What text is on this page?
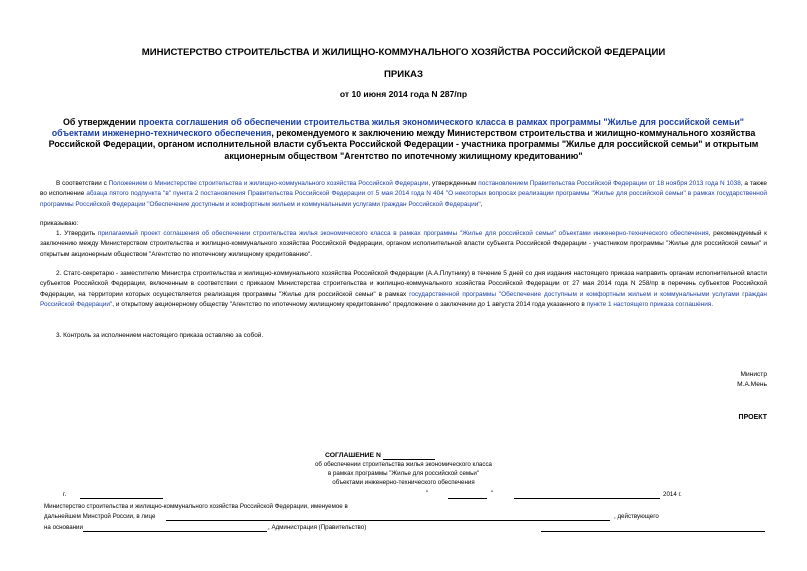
МИНИСТЕРСТВО СТРОИТЕЛЬСТВА И ЖИЛИЩНО-КОММУНАЛЬНОГО ХОЗЯЙСТВА РОССИЙСКОЙ ФЕДЕРАЦИИ
ПРИКАЗ
от 10 июня 2014 года N 287/пр
Об утверждении проекта соглашения об обеспечении строительства жилья экономического класса в рамках программы "Жилье для российской семьи" объектами инженерно-технического обеспечения, рекомендуемого к заключению между Министерством строительства и жилищно-коммунального хозяйства Российской Федерации, органом исполнительной власти субъекта Российской Федерации - участника программы "Жилье для российской семьи" и открытым акционерным обществом "Агентство по ипотечному жилищному кредитованию"
В соответствии с Положением о Министерстве строительства и жилищно-коммунального хозяйства Российской Федерации, утвержденным постановлением Правительства Российской Федерации от 18 ноября 2013 года N 1038, а также во исполнение абзаца пятого подпункта "в" пункта 2 постановления Правительства Российской Федерации от 5 мая 2014 года N 404 "О некоторых вопросах реализации программы "Жилье для российской семьи" в рамках государственной программы Российской Федерации "Обеспечение доступным и комфортным жильем и коммунальными услугами граждан Российской Федерации",
приказываю:
1. Утвердить прилагаемый проект соглашения об обеспечении строительства жилья экономического класса в рамках программы "Жилье для российской семьи" объектами инженерно-технического обеспечения, рекомендуемый к заключению между Министерством строительства и жилищно-коммунального хозяйства Российской Федерации, органом исполнительной власти субъекта Российской Федерации - участником программы "Жилье для российской семьи" и открытым акционерным обществом "Агентство по ипотечному жилищному кредитованию".
2. Статс-секретарю - заместителю Министра строительства и жилищно-коммунального хозяйства Российской Федерации (А.А.Плутнику) в течение 5 дней со дня издания настоящего приказа направить органам исполнительной власти субъектов Российской Федерации, включенным в соответствии с приказом Министерства строительства и жилищно-коммунального хозяйства Российской Федерации от 27 мая 2014 года N 258/пр в перечень субъектов Российской Федерации, на территории которых осуществляется реализация программы "Жилье для российской семьи" в рамках государственной программы "Обеспечение доступным и комфортным жильем и коммунальными услугами граждан Российской Федерации", и открытому акционерному обществу "Агентство по ипотечному жилищному кредитованию" предложение о заключении до 1 августа 2014 года указанного в пункте 1 настоящего приказа соглашения.
3. Контроль за исполнением настоящего приказа оставляю за собой.
Министр
М.А.Мень
ПРОЕКТ
СОГЛАШЕНИЕ N
об обеспечении строительства жилья экономического класса
в рамках программы "Жилье для российской семьи"
объектами инженерно-технического обеспечения
г.	"	"	2014 г.
Министерство строительства и жилищно-коммунального хозяйства Российской Федерации, именуемое в
дальнейшем Минстрой России, в лице	, действующего
на основании	, Администрация (Правительство)
